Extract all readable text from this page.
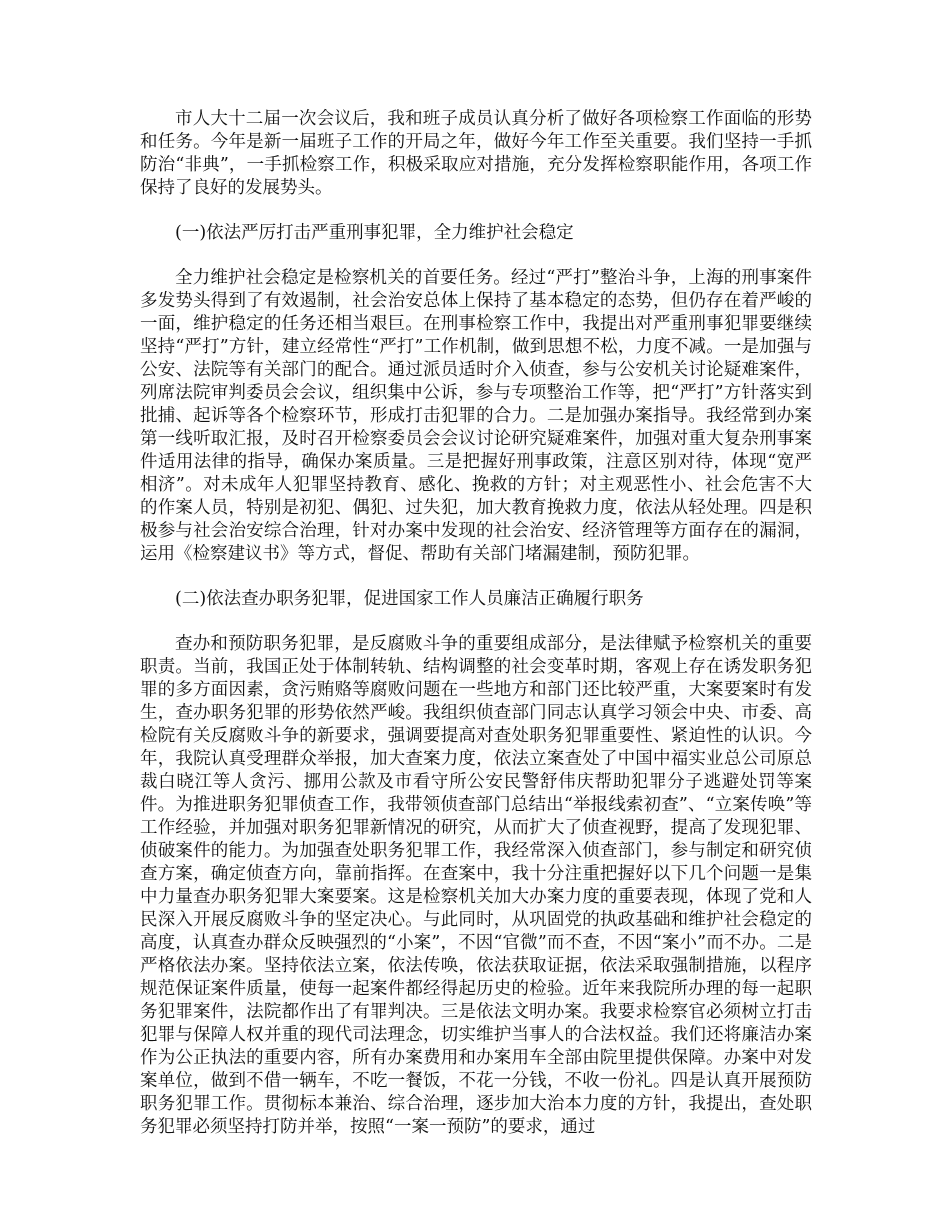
市人大十二届一次会议后，我和班子成员认真分析了做好各项检察工作面临的形势和任务。今年是新一届班子工作的开局之年，做好今年工作至关重要。我们坚持一手抓防治“非典”，一手抓检察工作，积极采取应对措施，充分发挥检察职能作用，各项工作保持了良好的发展势头。

(一)依法严厉打击严重刑事犯罪，全力维护社会稳定

全力维护社会稳定是检察机关的首要任务。经过“严打”整治斗争，上海的刑事案件多发势头得到了有效遏制，社会治安总体上保持了基本稳定的态势，但仍存在着严峻的一面，维护稳定的任务还相当艰巨。在刑事检察工作中，我提出对严重刑事犯罪要继续坚持“严打”方针，建立经常性“严打”工作机制，做到思想不松，力度不减。一是加强与公安、法院等有关部门的配合。通过派员适时介入侦查，参与公安机关讨论疑难案件，列席法院审判委员会会议，组织集中公诉，参与专项整治工作等，把“严打”方针落实到批捕、起诉等各个检察环节，形成打击犯罪的合力。二是加强办案指导。我经常到办案第一线听取汇报，及时召开检察委员会会议讨论研究疑难案件，加强对重大复杂刑事案件适用法律的指导，确保办案质量。三是把握好刑事政策，注意区别对待，体现“宽严相济”。对未成年人犯罪坚持教育、感化、挽救的方针；对主观恶性小、社会危害不大的作案人员，特别是初犯、偶犯、过失犯，加大教育挽救力度，依法从轻处理。四是积极参与社会治安综合治理，针对办案中发现的社会治安、经济管理等方面存在的漏洞，运用《检察建议书》等方式，督促、帮助有关部门堵漏建制，预防犯罪。

(二)依法查办职务犯罪，促进国家工作人员廉洁正确履行职务

查办和预防职务犯罪，是反腐败斗争的重要组成部分，是法律赋予检察机关的重要职责。当前，我国正处于体制转轨、结构调整的社会变革时期，客观上存在诱发职务犯罪的多方面因素，贪污贿赂等腐败问题在一些地方和部门还比较严重，大案要案时有发生，查办职务犯罪的形势依然严峻。我组织侦查部门同志认真学习领会中央、市委、高检院有关反腐败斗争的新要求，强调要提高对查处职务犯罪重要性、紧迫性的认识。今年，我院认真受理群众举报，加大查案力度，依法立案查处了中国中福实业总公司原总裁白晓江等人贪污、挪用公款及市看守所公安民警舒伟庆帮助犯罪分子逃避处罚等案件。为推进职务犯罪侦查工作，我带领侦查部门总结出“举报线索初查”、“立案传唤”等工作经验，并加强对职务犯罪新情况的研究，从而扩大了侦查视野，提高了发现犯罪、侦破案件的能力。为加强查处职务犯罪工作，我经常深入侦查部门，参与制定和研究侦查方案，确定侦查方向，靠前指挥。在查案中，我十分注重把握好以下几个问题一是集中力量查办职务犯罪大案要案。这是检察机关加大办案力度的重要表现，体现了党和人民深入开展反腐败斗争的坚定决心。与此同时，从巩固党的执政基础和维护社会稳定的高度，认真查办群众反映强烈的“小案”，不因“官微”而不查，不因“案小”而不办。二是严格依法办案。坚持依法立案，依法传唤，依法获取证据，依法采取强制措施，以程序规范保证案件质量，使每一起案件都经得起历史的检验。近年来我院所办理的每一起职务犯罪案件，法院都作出了有罪判决。三是依法文明办案。我要求检察官必须树立打击犯罪与保障人权并重的现代司法理念，切实维护当事人的合法权益。我们还将廉洁办案作为公正执法的重要内容，所有办案费用和办案用车全部由院里提供保障。办案中对发案单位，做到不借一辆车，不吃一餐饭，不花一分钱，不收一份礼。四是认真开展预防职务犯罪工作。贯彻标本兼治、综合治理，逐步加大治本力度的方针，我提出，查处职务犯罪必须坚持打防并举，按照“一案一预防”的要求，通过
